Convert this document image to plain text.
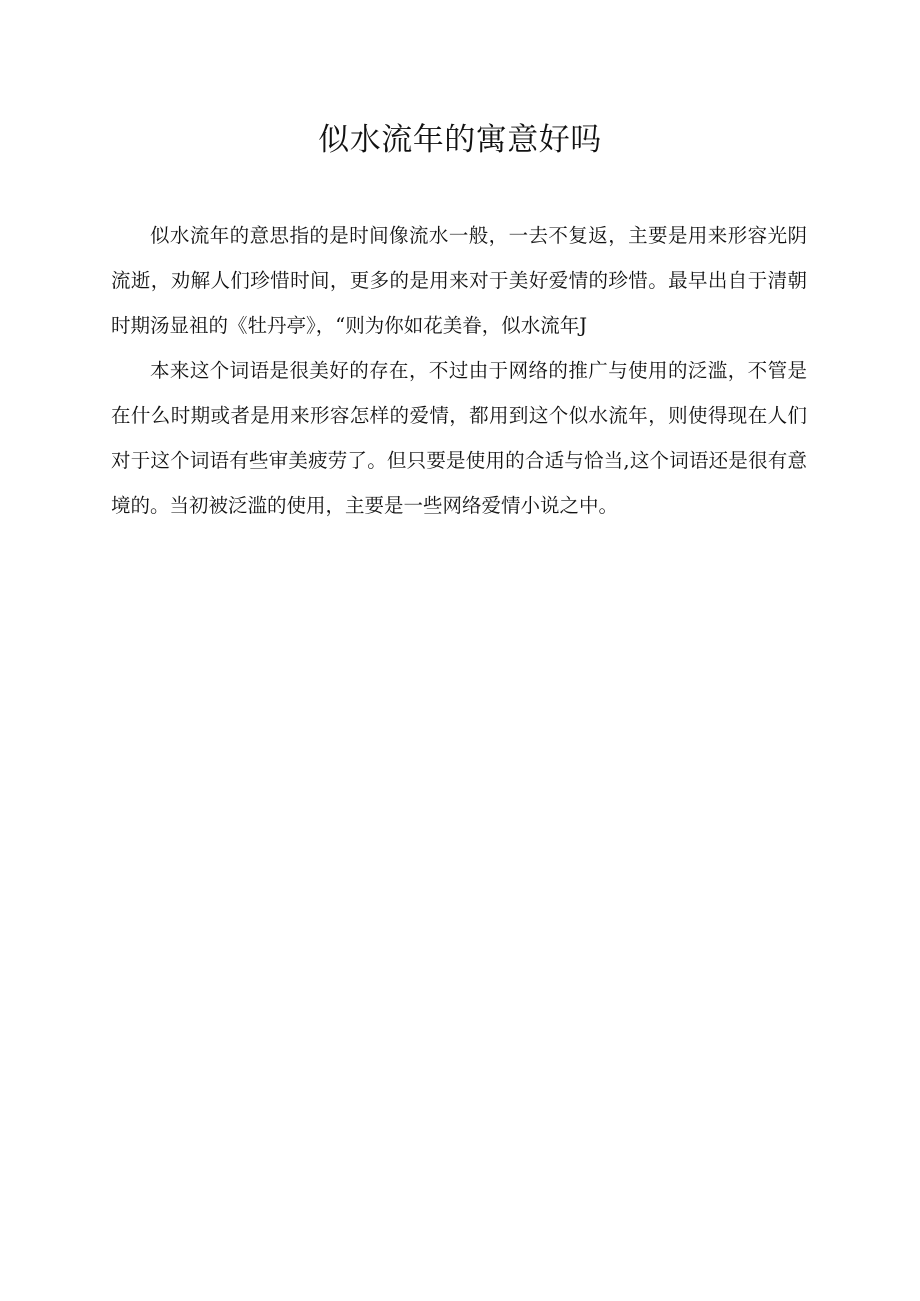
似水流年的寓意好吗

似水流年的意思指的是时间像流水一般，一去不复返，主要是用来形容光阴流逝，劝解人们珍惜时间，更多的是用来对于美好爱情的珍惜。最早出自于清朝时期汤显祖的《牡丹亭》，“则为你如花美眷，似水流年J

本来这个词语是很美好的存在，不过由于网络的推广与使用的泛滥，不管是在什么时期或者是用来形容怎样的爱情，都用到这个似水流年，则使得现在人们对于这个词语有些审美疲劳了。但只要是使用的合适与恰当,这个词语还是很有意境的。当初被泛滥的使用，主要是一些网络爱情小说之中。
